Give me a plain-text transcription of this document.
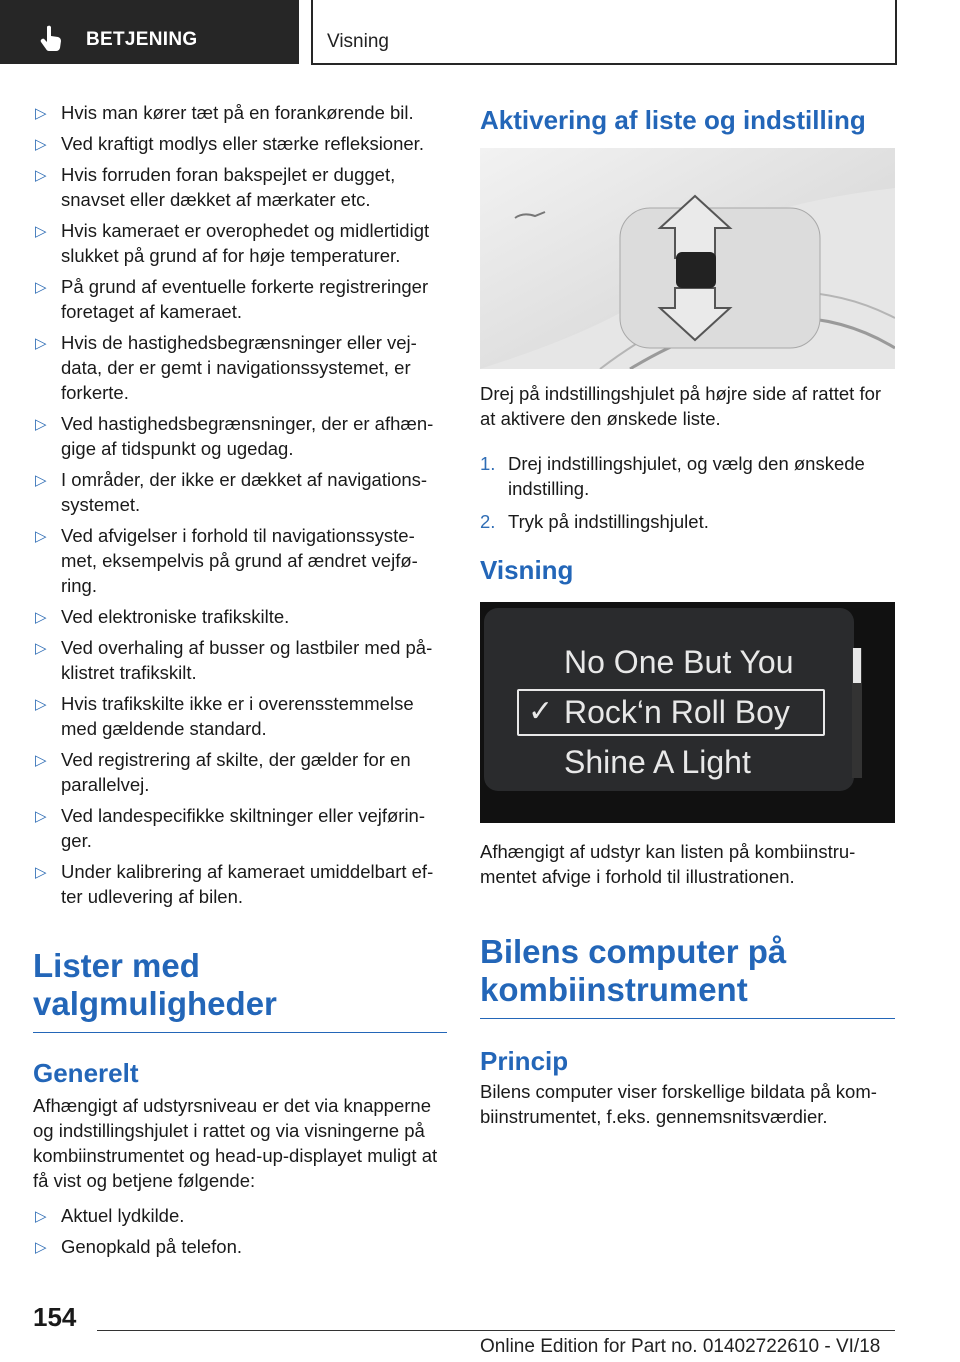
BETJENING	Visning
▷ Hvis man kører tæt på en forankørende bil.
▷ Ved kraftigt modlys eller stærke refleksioner.
▷ Hvis forruden foran bakspejlet er dugget, snavset eller dækket af mærkater etc.
▷ Hvis kameraet er overophedet og midlertidigt slukket på grund af for høje temperaturer.
▷ På grund af eventuelle forkerte registreringer foretaget af kameraet.
▷ Hvis de hastighedsbegrænsninger eller vej-data, der er gemt i navigationssystemet, er forkerte.
▷ Ved hastighedsbegrænsninger, der er afhæn-gige af tidspunkt og ugedag.
▷ I områder, der ikke er dækket af navigations-systemet.
▷ Ved afvigelser i forhold til navigationssyste-met, eksempelvis på grund af ændret vejfø-ring.
▷ Ved elektroniske trafikskilte.
▷ Ved overhaling af busser og lastbiler med på-klistret trafikskilt.
▷ Hvis trafikskilte ikke er i overensstemmelse med gældende standard.
▷ Ved registrering af skilte, der gælder for en parallelvej.
▷ Ved landespecifikke skiltninger eller vejførin-ger.
▷ Under kalibrering af kameraet umiddelbart ef-ter udlevering af bilen.
Lister med valgmuligheder
Generelt

Afhængigt af udstyrsniveau er det via knapperne og indstillingshjulet i rattet og via visningerne på kombiinstrumentet og head-up-displayet muligt at få vist og betjene følgende:

▷ Aktuel lydkilde.
▷ Genopkald på telefon.
Aktivering af liste og indstilling

Drej på indstillingshjulet på højre side af rattet for at aktivere den ønskede liste.

1. Drej indstillingshjulet, og vælg den ønskede indstilling.
2. Tryk på indstillingshjulet.
Visning
No One But You
✓ Rock‘n Roll Boy
Shine A Light

Afhængigt af udstyr kan listen på kombiinstru-mentet afvige i forhold til illustrationen.

Bilens computer på kombiinstrument
Princip

Bilens computer viser forskellige bildata på kom-biinstrumentet, f.eks. gennemsnitsværdier.

154
Online Edition for Part no. 01402722610 - VI/18
